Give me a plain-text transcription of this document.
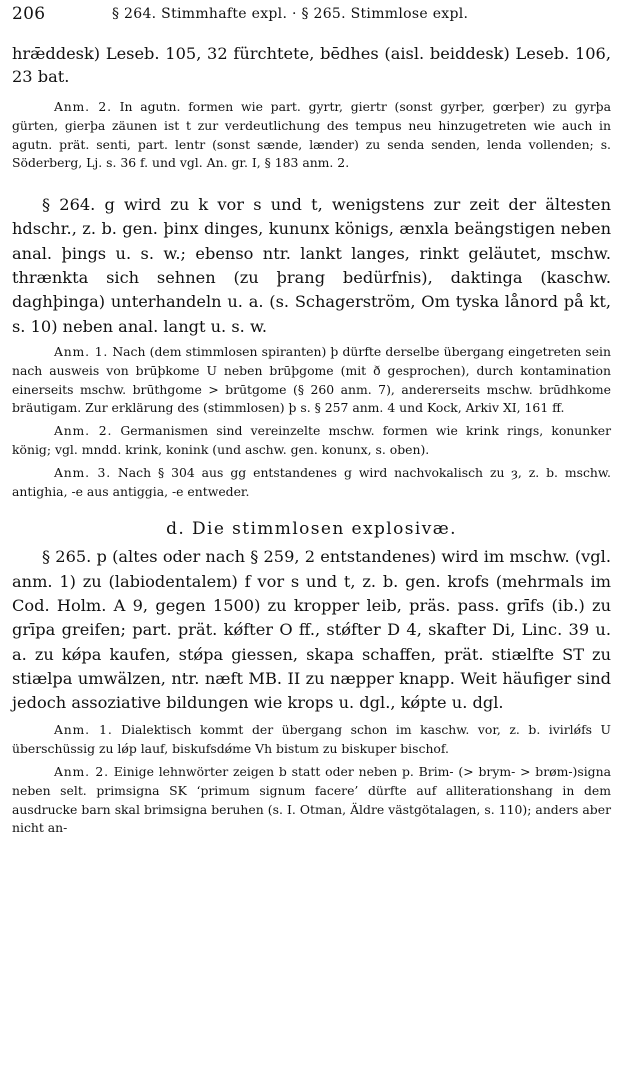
206	§ 264. Stimmhafte expl. · § 265. Stimmlose expl.

hrǣddesk) Leseb. 105, 32 fürchtete, bēdhes (aisl. beiddesk) Leseb. 106, 23 bat.

Anm. 2. In agutn. formen wie part. gyrtr, giertr (sonst gyrþer, gœrþer) zu gyrþa gürten, gierþa zäunen ist t zur verdeutlichung des tempus neu hinzugetreten wie auch in agutn. prät. senti, part. lentr (sonst sænde, lænder) zu senda senden, lenda vollenden; s. Söderberg, Lj. s. 36 f. und vgl. An. gr. I, § 183 anm. 2.

§ 264. g wird zu k vor s und t, wenigstens zur zeit der ältesten hdschr., z. b. gen. þinx dinges, kununx königs, ænxla beängstigen neben anal. þings u. s. w.; ebenso ntr. lankt langes, rinkt geläutet, mschw. thrænkta sich sehnen (zu þrang bedürfnis), daktinga (kaschw. daghþinga) unterhandeln u. a. (s. Schagerström, Om tyska lånord på kt, s. 10) neben anal. langt u. s. w.

Anm. 1. Nach (dem stimmlosen spiranten) þ dürfte derselbe übergang eingetreten sein nach ausweis von brūþkome U neben brūþgome (mit ð gesprochen), durch kontamination einerseits mschw. brūthgome > brūtgome (§ 260 anm. 7), andererseits mschw. brūdhkome bräutigam. Zur erklärung des (stimmlosen) þ s. § 257 anm. 4 und Kock, Arkiv XI, 161 ff.

Anm. 2. Germanismen sind vereinzelte mschw. formen wie krink rings, konunker könig; vgl. mndd. krink, konink (und aschw. gen. konunx, s. oben).

Anm. 3. Nach § 304 aus gg entstandenes g wird nachvokalisch zu ȝ, z. b. mschw. antighia, -e aus antiggia, -e entweder.

d. Die stimmlosen explosivæ.

§ 265. p (altes oder nach § 259, 2 entstandenes) wird im mschw. (vgl. anm. 1) zu (labiodentalem) f vor s und t, z. b. gen. krofs (mehrmals im Cod. Holm. A 9, gegen 1500) zu kropper leib, präs. pass. grīfs (ib.) zu grīpa greifen; part. prät. kǿfter O ff., stǿfter D 4, skafter Di, Linc. 39 u. a. zu kǿpa kaufen, stǿpa giessen, skapa schaffen, prät. stiælfte ST zu stiælpa umwälzen, ntr. næft MB. II zu næpper knapp. Weit häufiger sind jedoch assoziative bildungen wie krops u. dgl., kǿpte u. dgl.

Anm. 1. Dialektisch kommt der übergang schon im kaschw. vor, z. b. ivirlǿfs U überschüssig zu lǿp lauf, biskufsdǿme Vh bistum zu biskuper bischof.

Anm. 2. Einige lehnwörter zeigen b statt oder neben p. Brim- (> brym- > brøm-)signa neben selt. primsigna SK ‘primum signum facere’ dürfte auf alliterationshang in dem ausdrucke barn skal brimsigna beruhen (s. I. Otman, Äldre västgötalagen, s. 110); anders aber nicht an-
